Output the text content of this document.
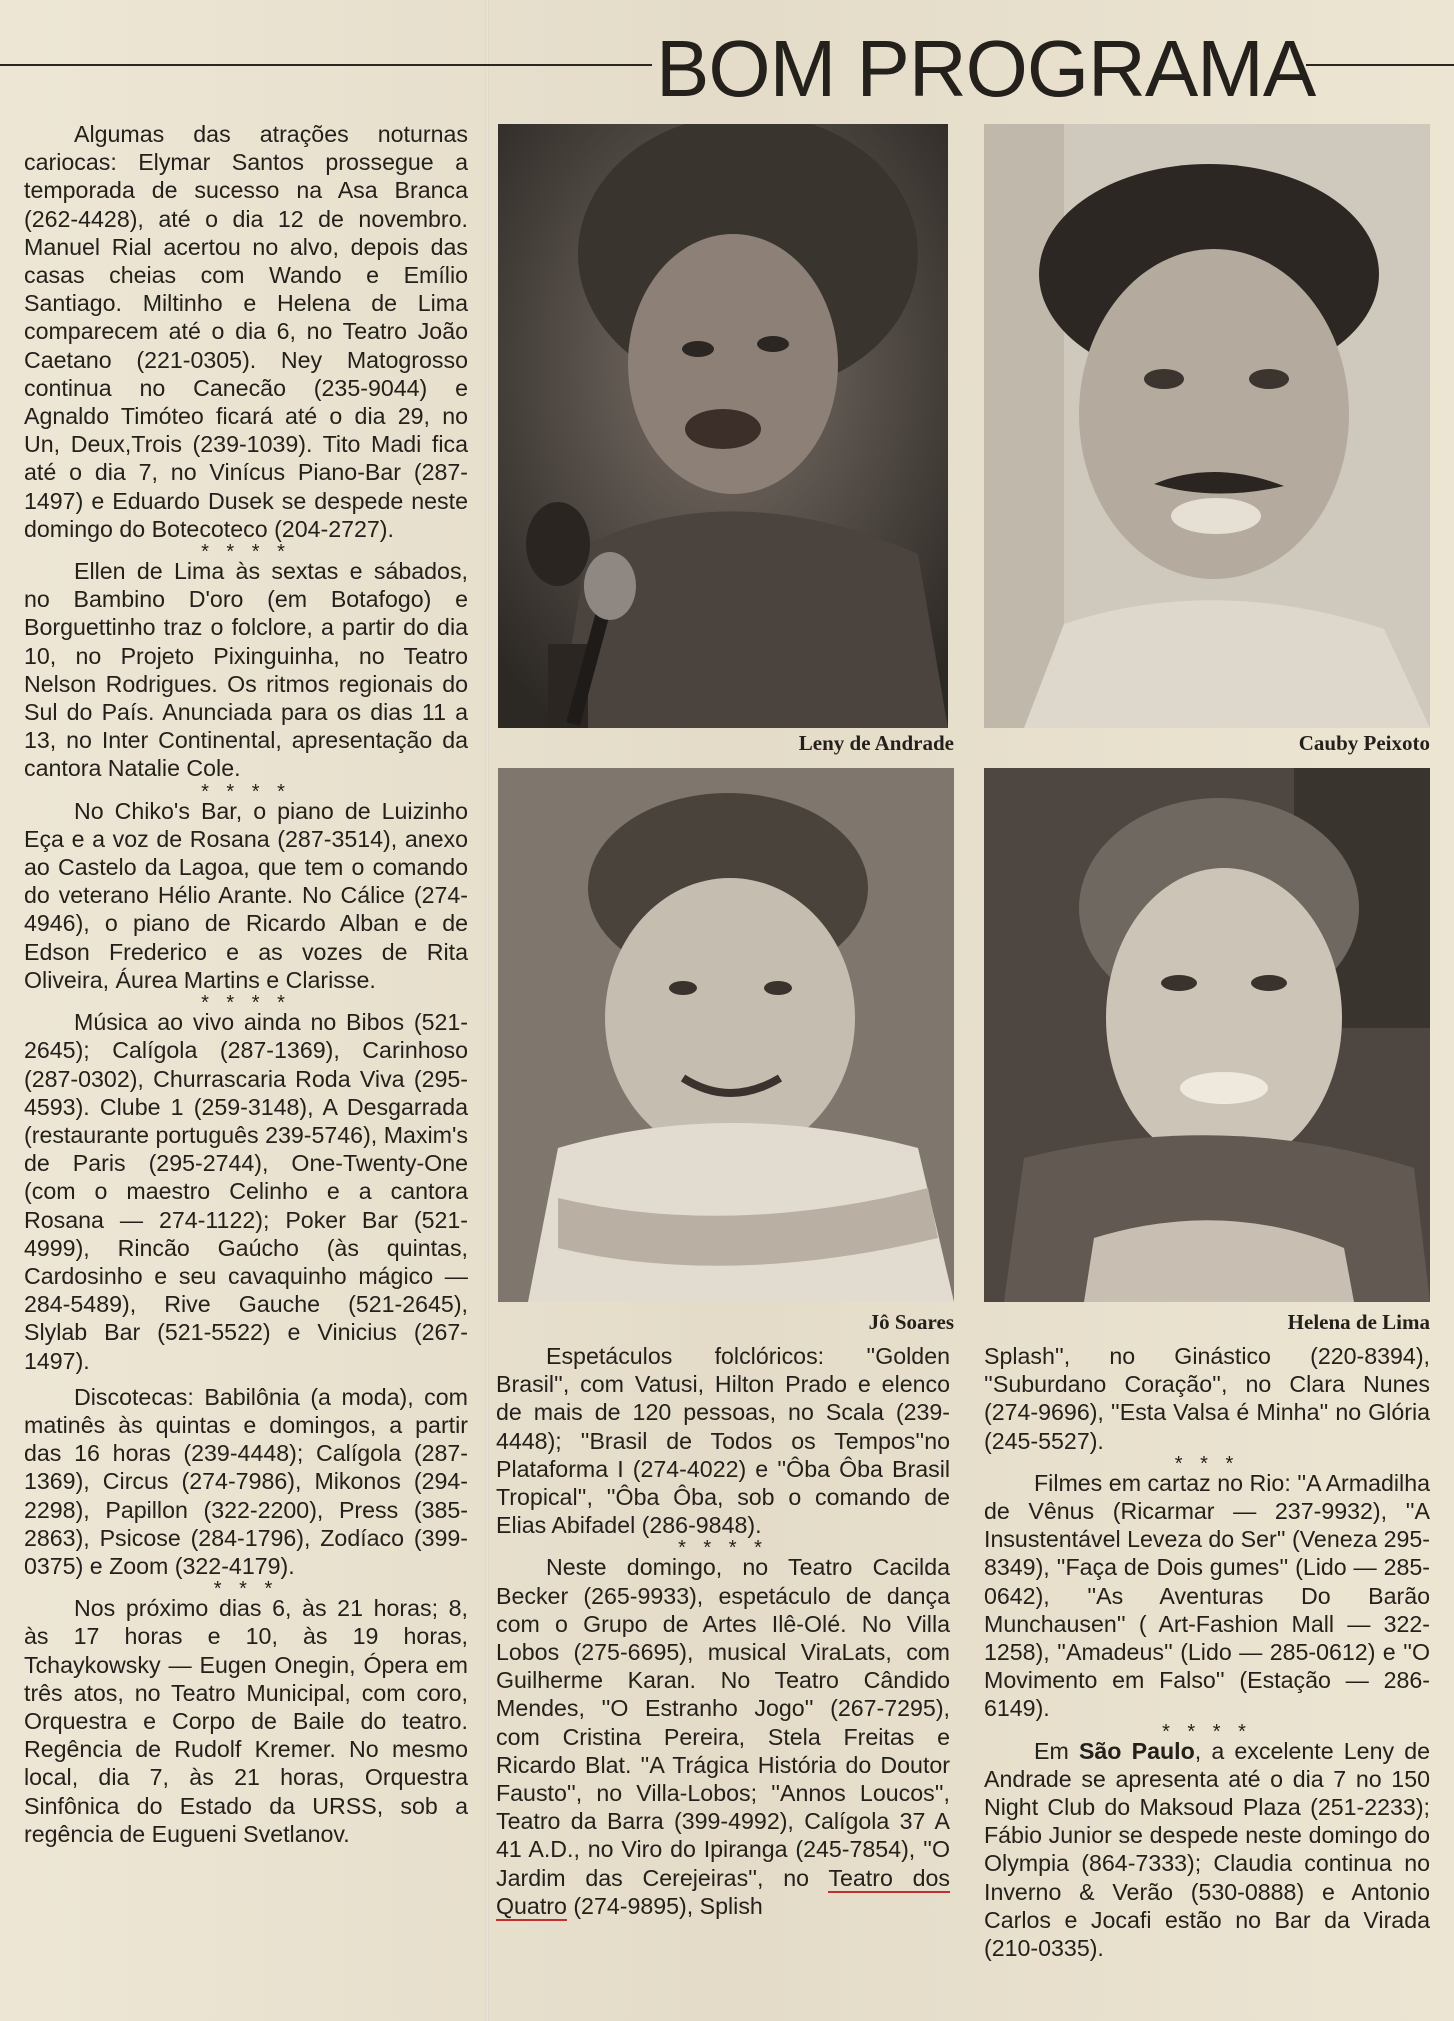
BOM PROGRAMA

Algumas das atrações noturnas cariocas: Elymar Santos prossegue a temporada de sucesso na Asa Branca (262-4428), até o dia 12 de novembro. Manuel Rial acertou no alvo, depois das casas cheias com Wando e Emílio Santiago. Miltinho e Helena de Lima comparecem até o dia 6, no Teatro João Caetano (221-0305). Ney Matogrosso continua no Canecão (235-9044) e Agnaldo Timóteo ficará até o dia 29, no Un, Deux,Trois (239-1039). Tito Madi fica até o dia 7, no Vinícus Piano-Bar (287-1497) e Eduardo Dusek se despede neste domingo do Botecoteco (204-2727).

* * * *

Ellen de Lima às sextas e sábados, no Bambino D'oro (em Botafogo) e Borguettinho traz o folclore, a partir do dia 10, no Projeto Pixinguinha, no Teatro Nelson Rodrigues. Os ritmos regionais do Sul do País. Anunciada para os dias 11 a 13, no Inter Continental, apresentação da cantora Natalie Cole.

* * * *

No Chiko's Bar, o piano de Luizinho Eça e a voz de Rosana (287-3514), anexo ao Castelo da Lagoa, que tem o comando do veterano Hélio Arante. No Cálice (274-4946), o piano de Ricardo Alban e de Edson Frederico e as vozes de Rita Oliveira, Áurea Martins e Clarisse.

* * * *

Música ao vivo ainda no Bibos (521-2645); Calígola (287-1369), Carinhoso (287-0302), Churrascaria Roda Viva (295-4593). Clube 1 (259-3148), A Desgarrada (restaurante português 239-5746), Maxim's de Paris (295-2744), One-Twenty-One (com o maestro Celinho e a cantora Rosana — 274-1122); Poker Bar (521-4999), Rincão Gaúcho (às quintas, Cardosinho e seu cavaquinho mágico — 284-5489), Rive Gauche (521-2645), Slylab Bar (521-5522) e Vinicius (267-1497).

Discotecas: Babilônia (a moda), com matinês às quintas e domingos, a partir das 16 horas (239-4448); Calígola (287-1369), Circus (274-7986), Mikonos (294-2298), Papillon (322-2200), Press (385-2863), Psicose (284-1796), Zodíaco (399-0375) e Zoom (322-4179).

* * *

Nos próximo dias 6, às 21 horas; 8, às 17 horas e 10, às 19 horas, Tchaykowsky — Eugen Onegin, Ópera em três atos, no Teatro Municipal, com coro, Orquestra e Corpo de Baile do teatro. Regência de Rudolf Kremer. No mesmo local, dia 7, às 21 horas, Orquestra Sinfônica do Estado da URSS, sob a regência de Eugueni Svetlanov.

Leny de Andrade	Cauby Peixoto
Jô Soares	Helena de Lima

Espetáculos folclóricos: ''Golden Brasil'', com Vatusi, Hilton Prado e elenco de mais de 120 pessoas, no Scala (239-4448); ''Brasil de Todos os Tempos''no Plataforma I (274-4022) e ''Ôba Ôba Brasil Tropical'', ''Ôba Ôba, sob o comando de Elias Abifadel (286-9848).

* * * *

Neste domingo, no Teatro Cacilda Becker (265-9933), espetáculo de dança com o Grupo de Artes Ilê-Olé. No Villa Lobos (275-6695), musical ViraLats, com Guilherme Karan. No Teatro Cândido Mendes, ''O Estranho Jogo'' (267-7295), com Cristina Pereira, Stela Freitas e Ricardo Blat. ''A Trágica História do Doutor Fausto'', no Villa-Lobos; ''Annos Loucos'', Teatro da Barra (399-4992), Calígola 37 A 41 A.D., no Viro do Ipiranga (245-7854), ''O Jardim das Cerejeiras'', no Teatro dos Quatro (274-9895), Splish

Splash'', no Ginástico (220-8394), ''Suburdano Coração'', no Clara Nunes (274-9696), ''Esta Valsa é Minha'' no Glória (245-5527).

* * *

Filmes em cartaz no Rio: ''A Armadilha de Vênus (Ricarmar — 237-9932), ''A Insustentável Leveza do Ser'' (Veneza 295-8349), ''Faça de Dois gumes'' (Lido — 285-0642), ''As Aventuras Do Barão Munchausen'' ( Art-Fashion Mall — 322-1258), ''Amadeus'' (Lido — 285-0612) e ''O Movimento em Falso'' (Estação — 286-6149).

* * * *

Em São Paulo, a excelente Leny de Andrade se apresenta até o dia 7 no 150 Night Club do Maksoud Plaza (251-2233); Fábio Junior se despede neste domingo do Olympia (864-7333); Claudia continua no Inverno & Verão (530-0888) e Antonio Carlos e Jocafi estão no Bar da Virada (210-0335).
